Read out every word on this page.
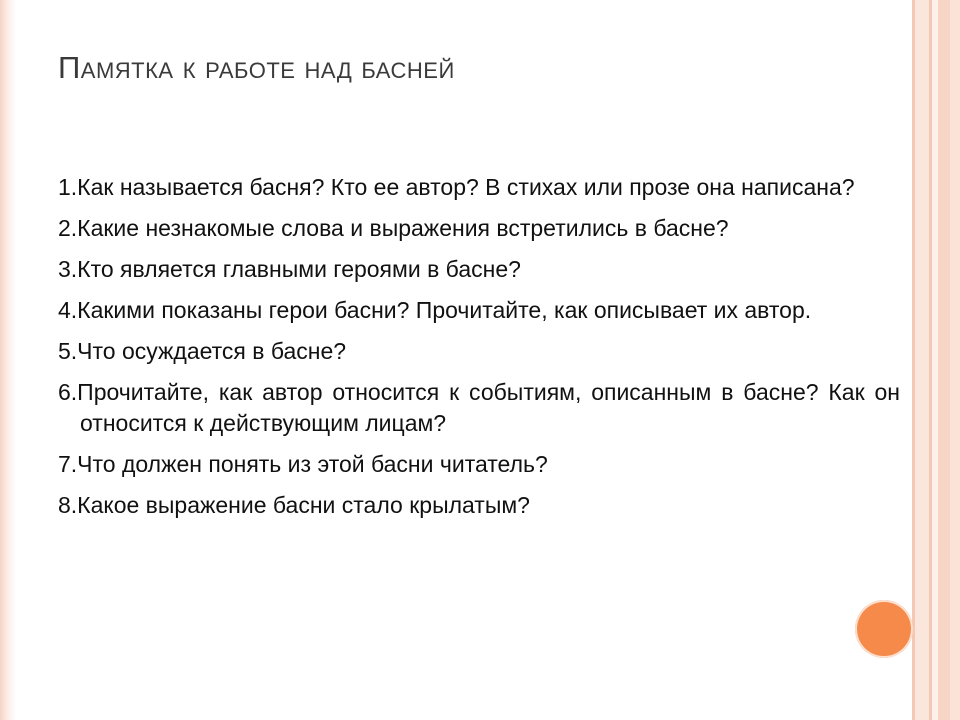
Памятка к работе над басней
1.Как называется басня? Кто ее автор? В стихах или прозе она написана?
2.Какие незнакомые слова и выражения встретились в басне?
3.Кто является главными героями в басне?
4.Какими показаны герои басни? Прочитайте, как описывает их автор.
5.Что осуждается в басне?
6.Прочитайте, как автор относится к событиям, описанным в басне? Как он относится к действующим лицам?
7.Что должен понять из этой басни читатель?
8.Какое выражение басни стало крылатым?
